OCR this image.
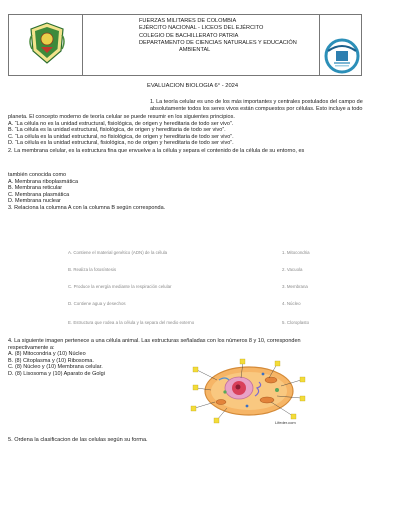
FUERZAS MILITARES DE COLOMBIA
EJÉRCITO NACIONAL - LICEOS DEL EJÉRCITO
COLEGIO DE BACHILLERATO PATRIA
DEPARTAMENTO DE CIENCIAS NATURALES Y EDUCACIÓN
AMBIENTAL
EVALUACION BIOLOGIA 6° - 2024
1. La teoría celular es uno de los más importantes y centrales postulados del campo de
absolutamente todos los seres vivos están compuestos por células. Esto incluye a todo
planeta. El concepto moderno de teoría celular se puede resumir en los siguientes principios.
A. “La célula no es la unidad estructural, fisiológica, de origen y hereditaria de todo ser vivo”.
B. “La célula es la unidad estructural, fisiológica, de origen y hereditaria de todo ser vivo”.
C. “La célula es la unidad estructural, no fisiológica, de origen y hereditaria de todo ser vivo”.
D. “La célula es la unidad estructural, fisiológica, no de origen y hereditaria de todo ser vivo”.
2. La membrana celular, es la estructura fina que envuelve a la célula y separa el contenido de la célula de su entorno, es
también conocida como
A. Membrana riboplasmática
B. Membrana reticular
C. Membrana plasmática
D. Membrana nuclear
3. Relaciona la columna A con la columna B según corresponda.
A. Contiene el material genético (ADN) de la célula	1. Mitocondria
B. Realiza la fotosíntesis	2. Vacuola
C. Produce la energía mediante la respiración celular	3. Membrana
D. Contiene agua y desechos	4. Núcleo
E. Estructura que rodea a la célula y la separa del medio externo	5. Cloroplasto
4. La siguiente imagen pertenece a una célula animal. Las estructuras señaladas con los números 8 y 10, corresponden
respectivamente a:
A. (8) Mitocondria y (10) Núcleo
B. (8) Citoplasma y (10) Ribosoma.
C. (8) Núcleo y (10) Membrana celular.
D. (8) Lisosoma y (10) Aparato de Golgi
Lifeder.com
5. Ordena la clasificacion de las celulas según su forma.
